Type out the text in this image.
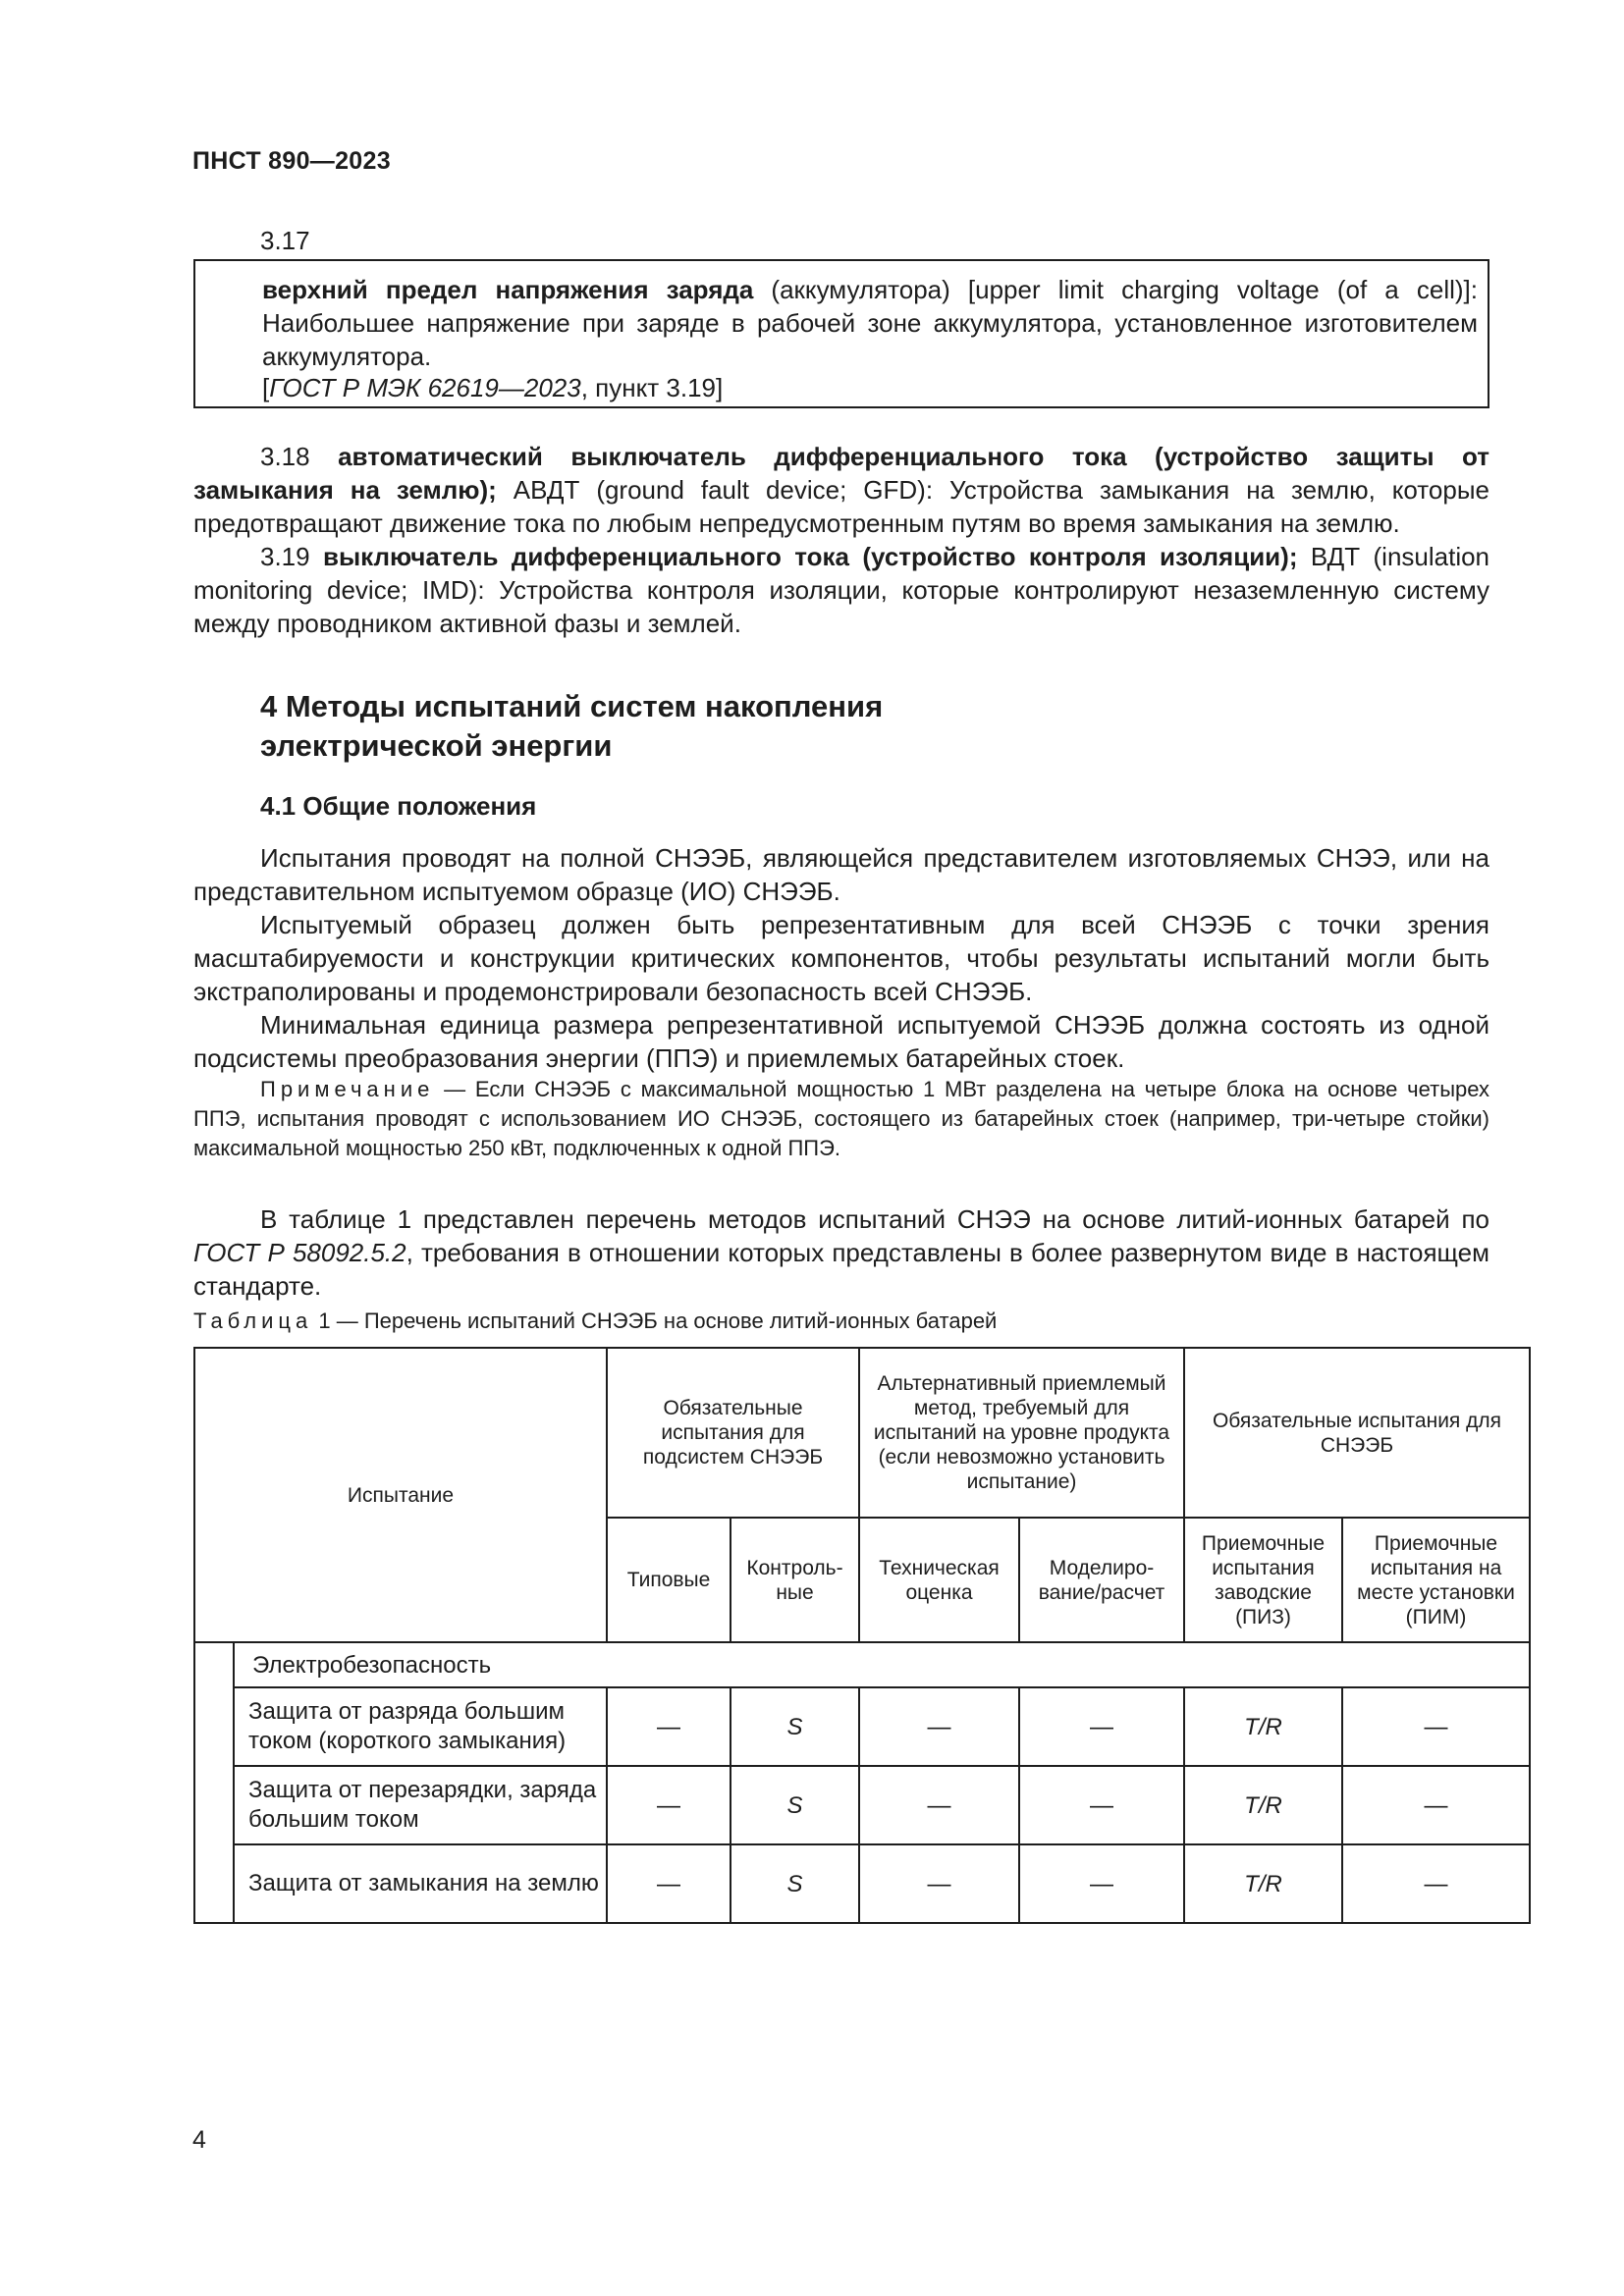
ПНСТ 890—2023
3.17

верхний предел напряжения заряда (аккумулятора) [upper limit charging voltage (of a cell)]: Наибольшее напряжение при заряде в рабочей зоне аккумулятора, установленное изготовителем аккумулятора.

[ГОСТ Р МЭК 62619—2023, пункт 3.19]
3.18 автоматический выключатель дифференциального тока (устройство защиты от замыкания на землю); АВДТ (ground fault device; GFD): Устройства замыкания на землю, которые предотвращают движение тока по любым непредусмотренным путям во время замыкания на землю.
3.19 выключатель дифференциального тока (устройство контроля изоляции); ВДТ (insulation monitoring device; IMD): Устройства контроля изоляции, которые контролируют незаземленную систему между проводником активной фазы и землей.
4 Методы испытаний систем накопления
электрической энергии
4.1 Общие положения
Испытания проводят на полной СНЭЭБ, являющейся представителем изготовляемых СНЭЭ, или на представительном испытуемом образце (ИО) СНЭЭБ.
Испытуемый образец должен быть репрезентативным для всей СНЭЭБ с точки зрения масштабируемости и конструкции критических компонентов, чтобы результаты испытаний могли быть экстраполированы и продемонстрировали безопасность всей СНЭЭБ.
Минимальная единица размера репрезентативной испытуемой СНЭЭБ должна состоять из одной подсистемы преобразования энергии (ППЭ) и приемлемых батарейных стоек.
Примечание — Если СНЭЭБ с максимальной мощностью 1 МВт разделена на четыре блока на основе четырех ППЭ, испытания проводят с использованием ИО СНЭЭБ, состоящего из батарейных стоек (например, три-четыре стойки) максимальной мощностью 250 кВт, подключенных к одной ППЭ.
В таблице 1 представлен перечень методов испытаний СНЭЭ на основе литий-ионных батарей по ГОСТ Р 58092.5.2, требования в отношении которых представлены в более развернутом виде в настоящем стандарте.
Таблица 1 — Перечень испытаний СНЭЭБ на основе литий-ионных батарей
Испытание		Обязательные испытания для подсистем СНЭЭБ		Альтернативный приемлемый метод, требуемый для испытаний на уровне продукта (если невозможно установить испытание)		Обязательные испытания для СНЭЭБ	
		Типовые	Контроль-ные	Техническая оценка	Моделиро-вание/расчет	Приемочные испытания заводские (ПИЗ)	Приемочные испытания на месте установки (ПИМ)
	Электробезопасность						
	Защита от разряда большим током (короткого замыкания)	—	S	—	—	T/R	—
	Защита от перезарядки, заряда большим током	—	S	—	—	T/R	—
	Защита от замыкания на землю	—	S	—	—	T/R	—
4
